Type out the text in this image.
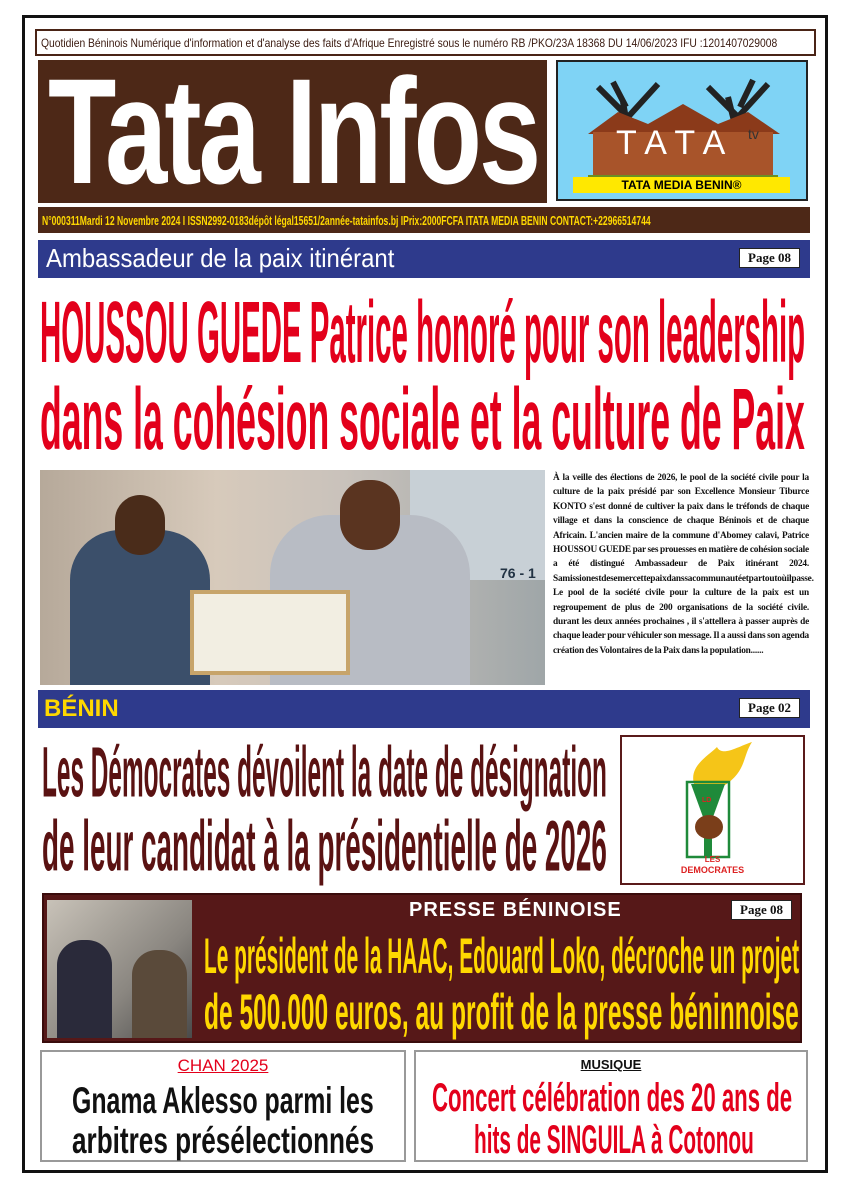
Quotidien Béninois Numérique d'information et d'analyse des faits d'Afrique Enregistré sous le numéro RB /PKO/23A 18368 DU 14/06/2023 IFU :1201407029008
Tata Infos TATA tv
TATA MEDIA BENIN®
N°000311Mardi 12 Novembre 2024 I ISSN2992-0183dépôt légal15651/2année-tatainfos.bj IPrix:2000FCFA ITATA MEDIA BENIN CONTACT:+22966514744
Ambassadeur de la paix itinérant	Page 08
HOUSSOU GUEDE Patrice honoré pour son leadership
dans la cohésion sociale et la culture de Paix
76 - 1
À la veille des élections de 2026, le pool de la société civile pour la culture de la paix présidé par son Excellence Monsieur Tiburce KONTO s'est donné de cultiver la paix dans le tréfonds de chaque village et dans la conscience de chaque Béninois et de chaque Africain. L'ancien maire de la commune d'Abomey calavi, Patrice HOUSSOU GUEDE par ses prouesses en matière de cohésion sociale a été distingué Ambassadeur de Paix itinérant 2024. Samissionestdesemercettepaixdanssacommunautéetpartoutoùilpasse. Le pool de la société civile pour la culture de la paix est un regroupement de plus de 200 organisations de la société civile. durant les deux années prochaines , il s'attellera à passer auprès de chaque leader pour véhiculer son message. Il a aussi dans son agenda création des Volontaires de la Paix dans la population......
BÉNIN	Page 02
Les Démocrates dévoilent la date de désignation
de leur candidat à la présidentielle de 2026
LD
LES
DEMOCRATES
PRESSE BÉNINOISE	Page 08
Le président de la HAAC, Edouard Loko, décroche un projet
de 500.000 euros, au profit de la presse béninnoise
CHAN 2025
Gnama Aklesso parmi les
arbitres présélectionnés
MUSIQUE
Concert célébration des 20 ans de
hits de SINGUILA à Cotonou
